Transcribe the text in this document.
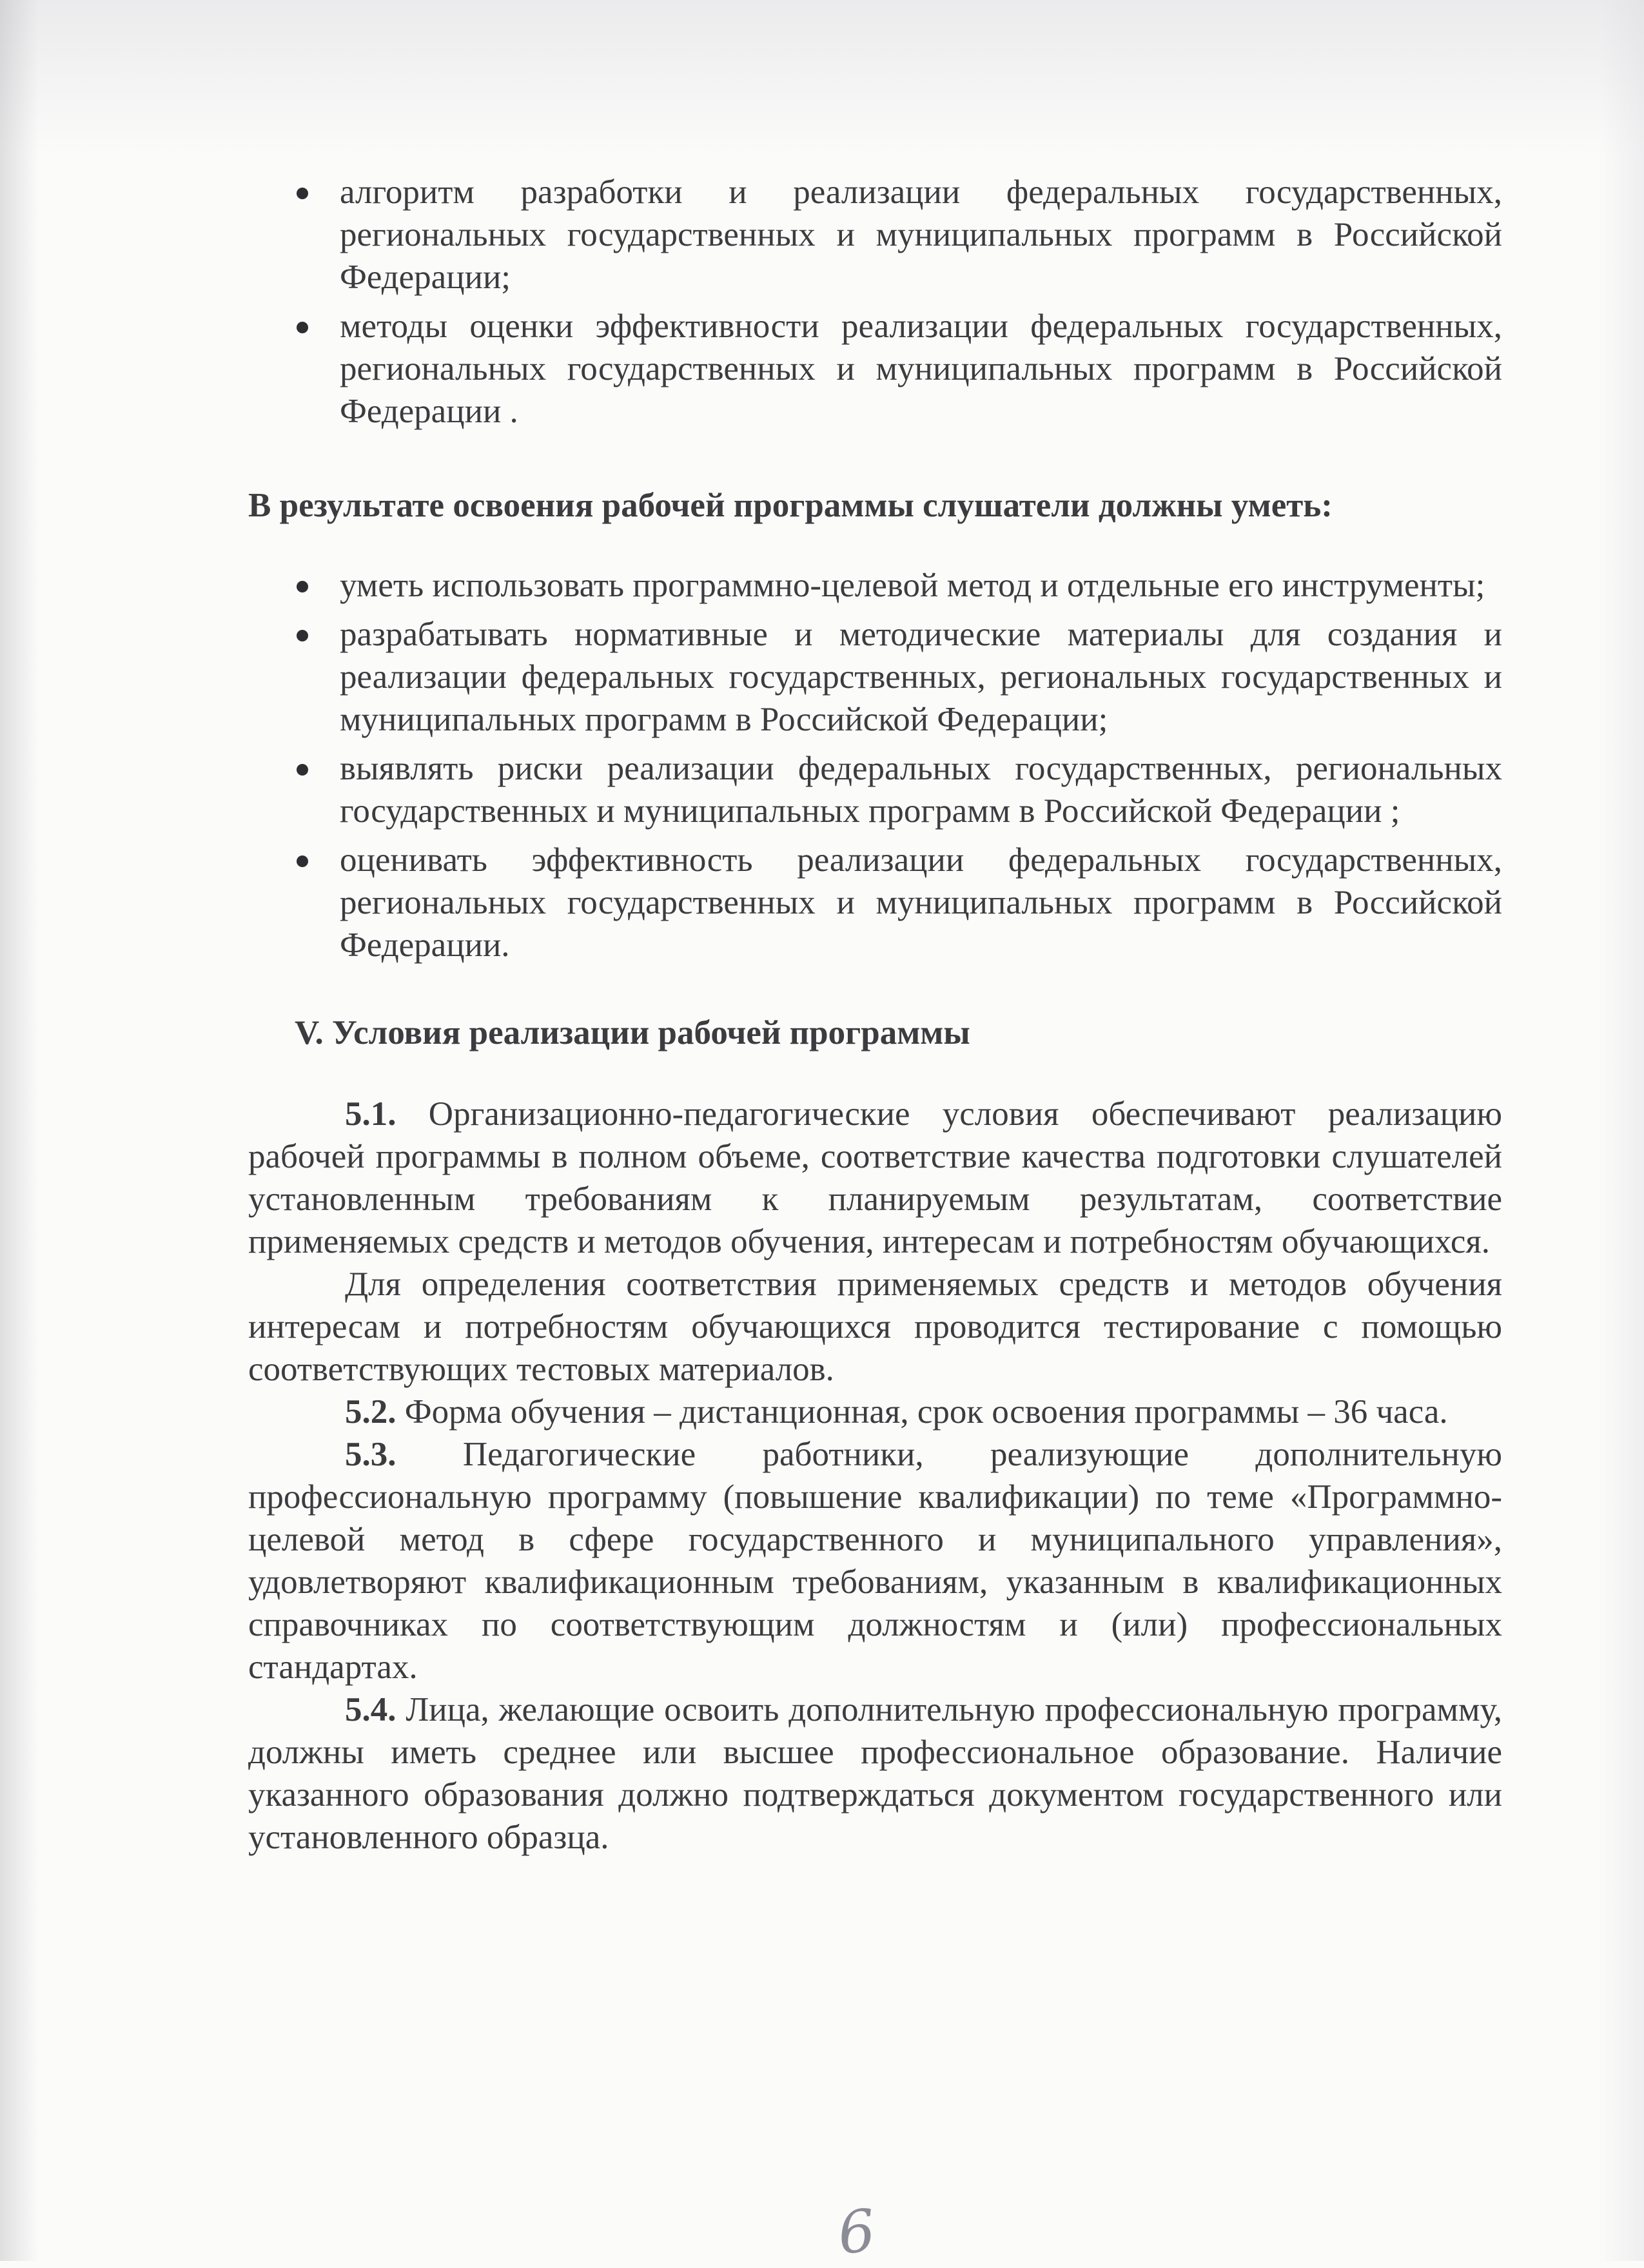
алгоритм разработки и реализации федеральных государственных, региональных государственных и муниципальных программ в Российской Федерации;
методы оценки эффективности реализации федеральных государственных, региональных государственных и муниципальных программ в Российской Федерации .

В результате освоения рабочей программы слушатели должны уметь:

уметь использовать программно-целевой метод и отдельные его инструменты;
разрабатывать нормативные и методические материалы для создания и реализации федеральных государственных, региональных государственных и муниципальных программ в Российской Федерации;
выявлять риски реализации федеральных государственных, региональных государственных и муниципальных программ в Российской Федерации ;
оценивать эффективность реализации федеральных государственных, региональных государственных и муниципальных программ в Российской Федерации.

V. Условия реализации рабочей программы

5.1. Организационно-педагогические условия обеспечивают реализацию рабочей программы в полном объеме, соответствие качества подготовки слушателей установленным требованиям к планируемым результатам, соответствие применяемых средств и методов обучения, интересам и потребностям обучающихся.

Для определения соответствия применяемых средств и методов обучения интересам и потребностям обучающихся проводится тестирование с помощью соответствующих тестовых материалов.

5.2. Форма обучения – дистанционная, срок освоения программы – 36 часа.

5.3. Педагогические работники, реализующие дополнительную профессиональную программу (повышение квалификации) по теме «Программно-целевой метод в сфере государственного и муниципального управления», удовлетворяют квалификационным требованиям, указанным в квалификационных справочниках по соответствующим должностям и (или) профессиональных стандартах.

5.4. Лица, желающие освоить дополнительную профессиональную программу, должны иметь среднее или высшее профессиональное образование. Наличие указанного образования должно подтверждаться документом государственного или установленного образца.

6
